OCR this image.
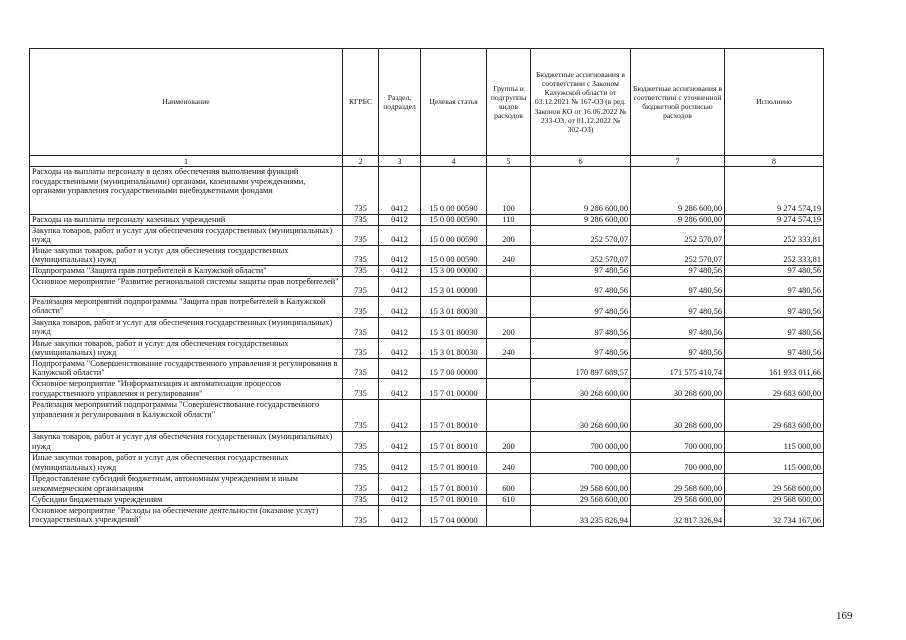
Наименование	КГРБС	Раздел, подраздел	Целевая статья	Группы и подгруппы видов расходов	Бюджетные ассигнования в соответствии с Законом Калужской области от 03.12.2021 № 167-ОЗ (в ред. Законов КО от 16.06.2022 № 233-ОЗ, от 01.12.2022 № 302-ОЗ)	Бюджетные ассигнования в соответствии с уточненной бюджетной росписью расходов	Исполнено
1	2	3	4	5	6	7	8
Расходы на выплаты персоналу в целях обеспечения выполнения функций государственными (муниципальными) органами, казенными учреждениями, органами управления государственными внебюджетными фондами	735	0412	15 0 00 00590	100	9 286 600,00	9 286 600,00	9 274 574,19
Расходы на выплаты персоналу казенных учреждений	735	0412	15 0 00 00590	110	9 286 600,00	9 286 600,00	9 274 574,19
Закупка товаров, работ и услуг для обеспечения государственных (муниципальных) нужд	735	0412	15 0 00 00590	200	252 570,07	252 570,07	252 333,81
Иные закупки товаров, работ и услуг для обеспечения государственных (муниципальных) нужд	735	0412	15 0 00 00590	240	252 570,07	252 570,07	252 333,81
Подпрограмма "Защита прав потребителей в Калужской области"	735	0412	15 3 00 00000		97 480,56	97 480,56	97 480,56
Основное мероприятие "Развитие региональной системы защиты прав потребителей"	735	0412	15 3 01 00000		97 480,56	97 480,56	97 480,56
Реализация мероприятий подпрограммы "Защита прав потребителей в Калужской области"	735	0412	15 3 01 80030		97 480,56	97 480,56	97 480,56
Закупка товаров, работ и услуг для обеспечения государственных (муниципальных) нужд	735	0412	15 3 01 80030	200	97 480,56	97 480,56	97 480,56
Иные закупки товаров, работ и услуг для обеспечения государственных (муниципальных) нужд	735	0412	15 3 01 80030	240	97 480,56	97 480,56	97 480,56
Подпрограмма "Совершенствование государственного управления и регулирования в Калужской области"	735	0412	15 7 00 00000		170 897 689,57	171 575 410,74	161 933 011,66
Основное мероприятие "Информатизация и автоматизация процессов государственного управления и регулирования"	735	0412	15 7 01 00000		30 268 600,00	30 268 600,00	29 683 600,00
Реализация мероприятий подпрограммы "Совершенствование государственного управления и регулирования в Калужской области"	735	0412	15 7 01 80010		30 268 600,00	30 268 600,00	29 683 600,00
Закупка товаров, работ и услуг для обеспечения государственных (муниципальных) нужд	735	0412	15 7 01 80010	200	700 000,00	700 000,00	115 000,00
Иные закупки товаров, работ и услуг для обеспечения государственных (муниципальных) нужд	735	0412	15 7 01 80010	240	700 000,00	700 000,00	115 000,00
Предоставление субсидий бюджетным, автономным учреждениям и иным некоммерческим организациям	735	0412	15 7 01 80010	600	29 568 600,00	29 568 600,00	29 568 600,00
Субсидии бюджетным учреждениям	735	0412	15 7 01 80010	610	29 568 600,00	29 568 600,00	29 568 600,00
Основное мероприятие "Расходы на обеспечение деятельности (оказание услуг) государственных учреждений"	735	0412	15 7 04 00000		33 235 826,94	32 817 326,94	32 734 167,06
169
